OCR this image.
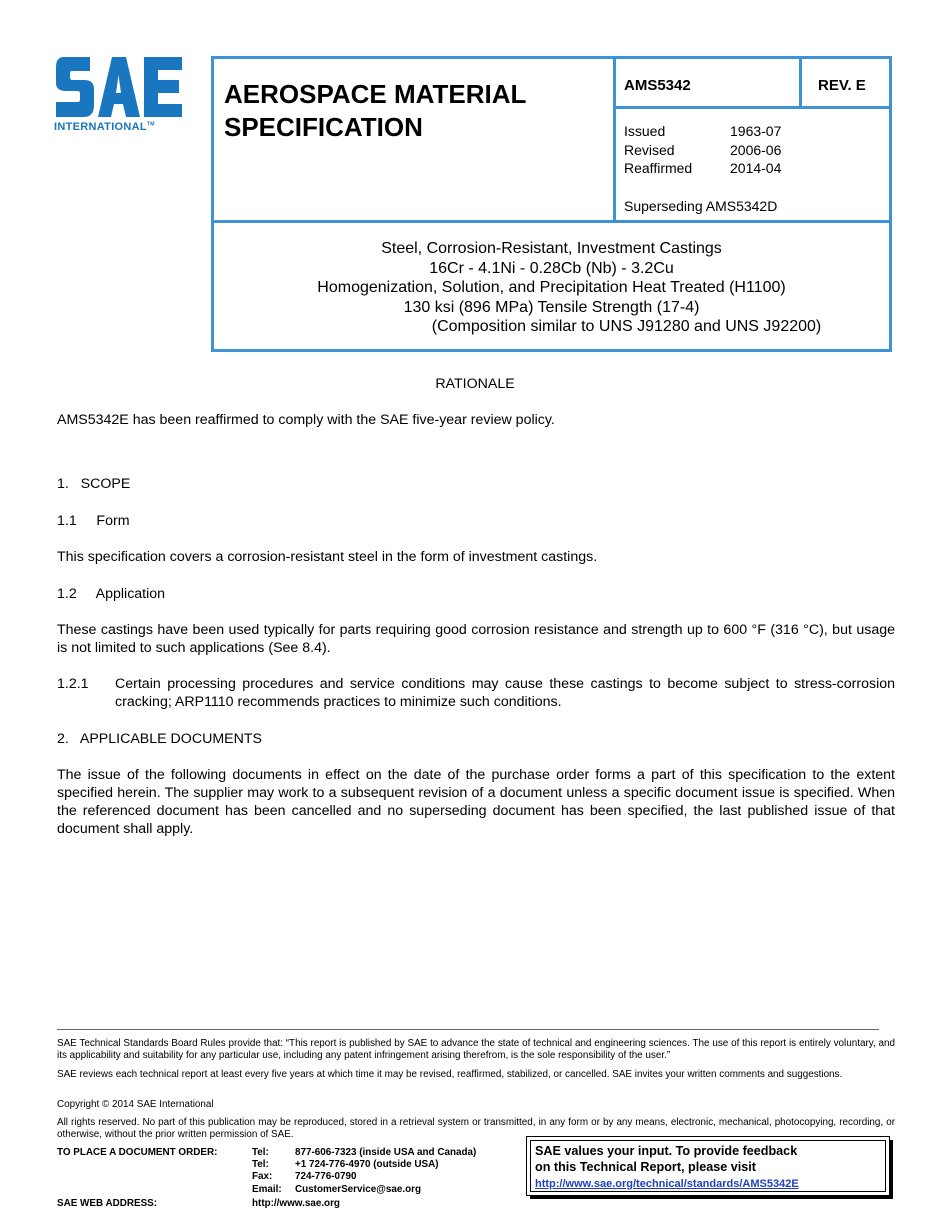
INTERNATIONAL™
AEROSPACE MATERIAL
SPECIFICATION
AMS5342	REV. E
Issued	1963-07
Revised	2006-06
Reaffirmed	2014-04
Superseding AMS5342D
Steel, Corrosion-Resistant, Investment Castings
16Cr - 4.1Ni - 0.28Cb (Nb) - 3.2Cu
Homogenization, Solution, and Precipitation Heat Treated (H1100)
130 ksi (896 MPa) Tensile Strength (17-4)
(Composition similar to UNS J91280 and UNS J92200)
RATIONALE
AMS5342E has been reaffirmed to comply with the SAE five-year review policy.
1.   SCOPE
1.1     Form
This specification covers a corrosion-resistant steel in the form of investment castings.
1.2     Application
These castings have been used typically for parts requiring good corrosion resistance and strength up to 600 °F (316 °C), but usage is not limited to such applications (See 8.4).
1.2.1 Certain processing procedures and service conditions may cause these castings to become subject to stress-corrosion cracking; ARP1110 recommends practices to minimize such conditions.
2.   APPLICABLE DOCUMENTS
The issue of the following documents in effect on the date of the purchase order forms a part of this specification to the extent specified herein. The supplier may work to a subsequent revision of a document unless a specific document issue is specified. When the referenced document has been cancelled and no superseding document has been specified, the last published issue of that document shall apply.
SAE Technical Standards Board Rules provide that: “This report is published by SAE to advance the state of technical and engineering sciences. The use of this report is entirely voluntary, and its applicability and suitability for any particular use, including any patent infringement arising therefrom, is the sole responsibility of the user.”
SAE reviews each technical report at least every five years at which time it may be revised, reaffirmed, stabilized, or cancelled. SAE invites your written comments and suggestions.
Copyright © 2014 SAE International
All rights reserved. No part of this publication may be reproduced, stored in a retrieval system or transmitted, in any form or by any means, electronic, mechanical, photocopying, recording, or otherwise, without the prior written permission of SAE.
TO PLACE A DOCUMENT ORDER:	Tel:	877-606-7323 (inside USA and Canada)
Tel:	+1 724-776-4970 (outside USA)
Fax:	724-776-0790
Email:	CustomerService@sae.org
SAE WEB ADDRESS:	http://www.sae.org
SAE values your input. To provide feedback
on this Technical Report, please visit
http://www.sae.org/technical/standards/AMS5342E
